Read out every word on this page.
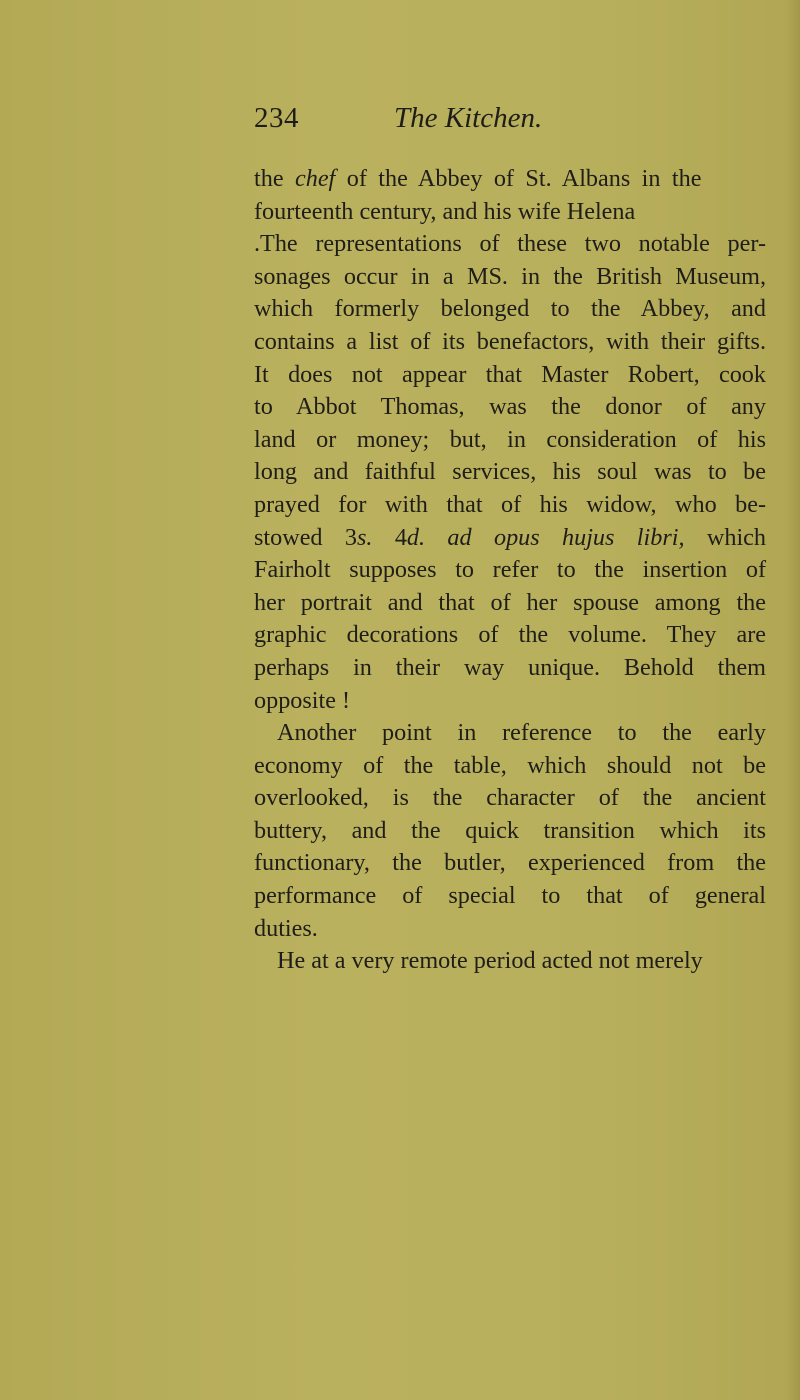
234	The Kitchen.
the chef of the Abbey of St. Albans in the
fourteenth century, and his wife Helena
.The representations of these two notable per-
sonages occur in a MS. in the British Museum,
which formerly belonged to the Abbey, and
contains a list of its benefactors, with their gifts.
It does not appear that Master Robert, cook
to Abbot Thomas, was the donor of any
land or money; but, in consideration of his
long and faithful services, his soul was to be
prayed for with that of his widow, who be-
stowed 3s. 4d. ad opus hujus libri, which
Fairholt supposes to refer to the insertion of
her portrait and that of her spouse among the
graphic decorations of the volume. They are
perhaps in their way unique. Behold them
opposite !
Another point in reference to the early
economy of the table, which should not be
overlooked, is the character of the ancient
buttery, and the quick transition which its
functionary, the butler, experienced from the
performance of special to that of general
duties.
He at a very remote period acted not merely
